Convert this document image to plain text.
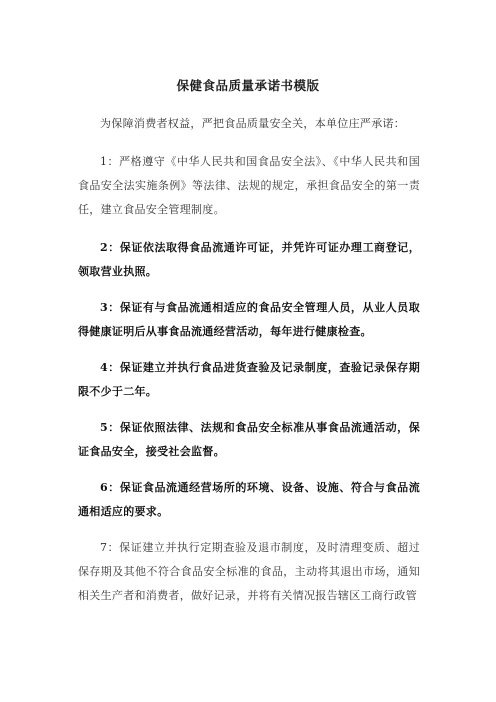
保健食品质量承诺书模版

为保障消费者权益，严把食品质量安全关，本单位庄严承诺：

1：严格遵守《中华人民共和国食品安全法》、《中华人民共和国食品安全法实施条例》等法律、法规的规定，承担食品安全的第一责任，建立食品安全管理制度。

2：保证依法取得食品流通许可证，并凭许可证办理工商登记，领取营业执照。

3：保证有与食品流通相适应的食品安全管理人员，从业人员取得健康证明后从事食品流通经营活动，每年进行健康检查。

4：保证建立并执行食品进货查验及记录制度，查验记录保存期限不少于二年。

5：保证依照法律、法规和食品安全标准从事食品流通活动，保证食品安全，接受社会监督。

6：保证食品流通经营场所的环境、设备、设施、符合与食品流通相适应的要求。

7：保证建立并执行定期查验及退市制度，及时清理变质、超过保存期及其他不符合食品安全标准的食品，主动将其退出市场，通知相关生产者和消费者，做好记录，并将有关情况报告辖区工商行政管
